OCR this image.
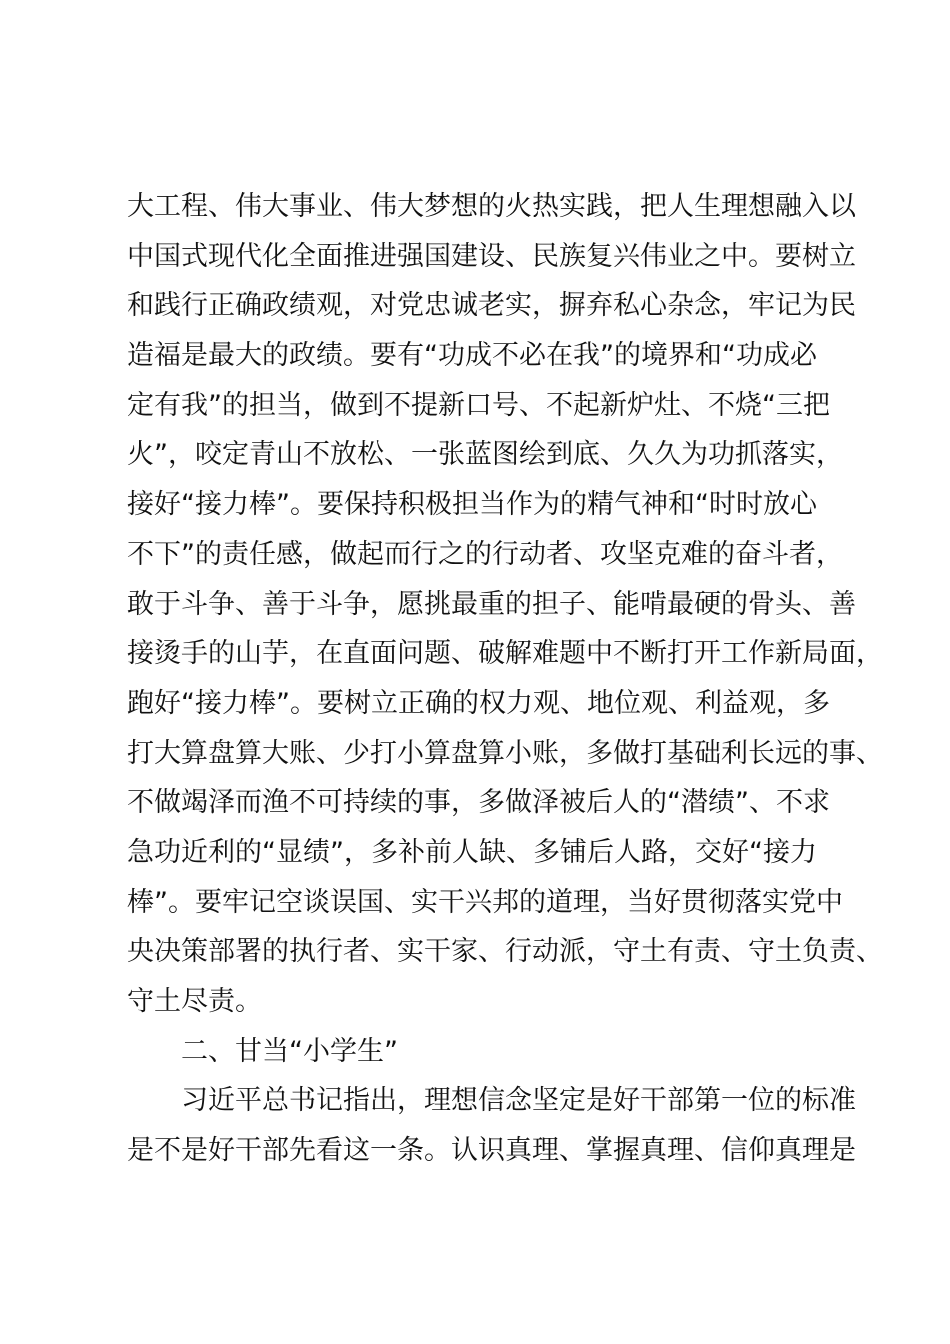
大工程、伟大事业、伟大梦想的火热实践，把人生理想融入以
中国式现代化全面推进强国建设、民族复兴伟业之中。要树立
和践行正确政绩观，对党忠诚老实，摒弃私心杂念，牢记为民
造福是最大的政绩。要有“功成不必在我”的境界和“功成必
定有我”的担当，做到不提新口号、不起新炉灶、不烧“三把
火”，咬定青山不放松、一张蓝图绘到底、久久为功抓落实，
接好“接力棒”。要保持积极担当作为的精气神和“时时放心
不下”的责任感，做起而行之的行动者、攻坚克难的奋斗者，
敢于斗争、善于斗争，愿挑最重的担子、能啃最硬的骨头、善
接烫手的山芋，在直面问题、破解难题中不断打开工作新局面，
跑好“接力棒”。要树立正确的权力观、地位观、利益观，多
打大算盘算大账、少打小算盘算小账，多做打基础利长远的事、
不做竭泽而渔不可持续的事，多做泽被后人的“潜绩”、不求
急功近利的“显绩”，多补前人缺、多铺后人路，交好“接力
棒”。要牢记空谈误国、实干兴邦的道理，当好贯彻落实党中
央决策部署的执行者、实干家、行动派，守土有责、守土负责、
守土尽责。
二、甘当“小学生”
习近平总书记指出，理想信念坚定是好干部第一位的标准
是不是好干部先看这一条。认识真理、掌握真理、信仰真理是
